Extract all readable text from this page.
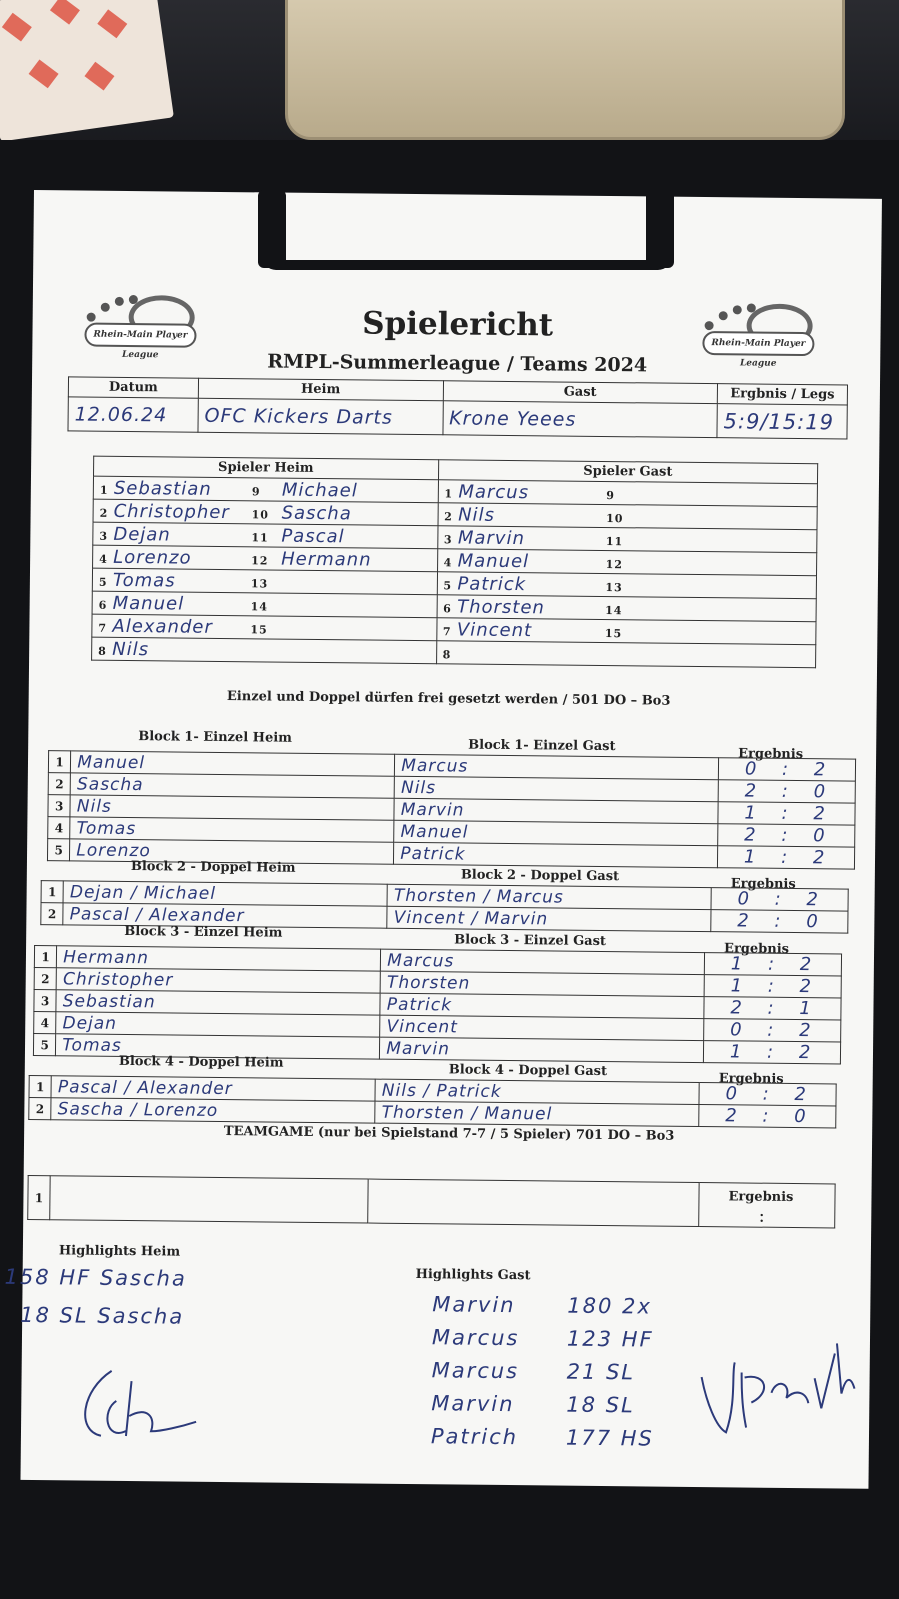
Rhein-Main Player League
Rhein-Main Player League
Spielericht
RMPL-Summerleague / Teams 2024
Datum	Heim	Gast	Ergbnis / Legs
12.06.24	OFC Kickers Darts	Krone Yeees	5:9/15:19
Spieler Heim	Spieler Gast
1 Sebastian 9 Michael	1 Marcus 9
2 Christopher 10 Sascha	2 Nils 10
3 Dejan 11 Pascal	3 Marvin 11
4 Lorenzo 12 Hermann	4 Manuel 12
5 Tomas 13	5 Patrick 13
6 Manuel 14	6 Thorsten 14
7 Alexander 15	7 Vincent 15
8 Nils	8
Einzel und Doppel dürfen frei gesetzt werden / 501 DO – Bo3
Block 1- Einzel Heim
Block 1- Einzel Gast
Ergebnis
1	Manuel	Marcus	0 : 2
2	Sascha	Nils	2 : 0
3	Nils	Marvin	1 : 2
4	Tomas	Manuel	2 : 0
5	Lorenzo	Patrick	1 : 2
Block 2 - Doppel Heim
Block 2 - Doppel Gast
Ergebnis
1	Dejan / Michael	Thorsten / Marcus	0 : 2
2	Pascal / Alexander	Vincent / Marvin	2 : 0
Block 3 - Einzel Heim
Block 3 - Einzel Gast
Ergebnis
1	Hermann	Marcus	1 : 2
2	Christopher	Thorsten	1 : 2
3	Sebastian	Patrick	2 : 1
4	Dejan	Vincent	0 : 2
5	Tomas	Marvin	1 : 2
Block 4 - Doppel Heim
Block 4 - Doppel Gast
Ergebnis
1	Pascal / Alexander	Nils / Patrick	0 : 2
2	Sascha / Lorenzo	Thorsten / Manuel	2 : 0
TEAMGAME (nur bei Spielstand 7-7 / 5 Spieler) 701 DO – Bo3
Ergebnis
1			:
Highlights Heim
Highlights Gast
158 HF Sascha
18 SL Sascha	Marvin 180 2x
Marcus 123 HF
Marcus 21 SL
Marvin 18 SL
Patrich 177 HS
